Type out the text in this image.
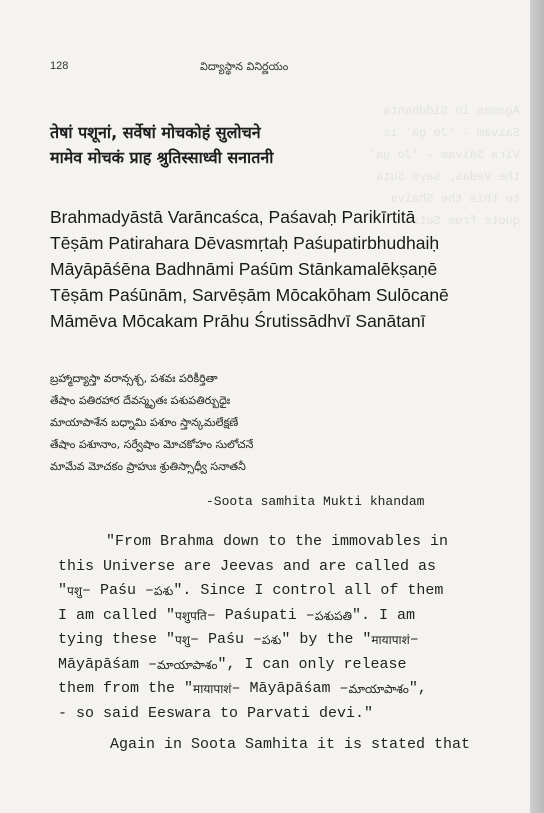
Agamas in Siddhanta
Saivam - 'Jo ga' is
Vira Saivam - 'Jo ga'
the Vedas, says Suta
to this the Shaiva
quote from Suta
128	విద్యాస్థాన వినిర్ణయం
तेषां पशूनां, सर्वेषां मोचकोहं सुलोचने
मामेव मोचकं प्राह श्रुतिस्साध्वी सनातनी
Brahmadyāstā Varāncaśca, Paśavaḥ Parikīrtitā
Tēṣām Patirahara Dēvasmṛtaḥ Paśupatirbhudhaiḥ
Māyāpāśēna Badhnāmi Paśūm Stānkamalēkṣaṇē
Tēṣām Paśūnām, Sarvēṣām Mōcakōham Sulōcanē
Māmēva Mōcakam Prāhu Śrutissādhvī Sanātanī
బ్రహ్మాద్యాస్తా వరాన్సశ్చ, పశవః పరికీర్తితా
తేషాం పతిరహార దేవస్మృతః పశుపతిర్బుధైః
మాయాపాశేన బధ్నామి పశూం స్తాన్కమలేక్షణే
తేషాం పశూనాం, సర్వేషాం మోచకోహం సులోచనే
మామేవ మోచకం ప్రాహుః శ్రుతిస్సాధ్వీ సనాతనీ
-Soota samhita Mukti khandam
"From Brahma down to the immovables in
this Universe are Jeevas and are called as
" पशु – Paśu – పశు ". Since I control all of them
I am called " पशुपति – Paśupati – పశుపతి ". I am
tying these " पशु – Paśu – పశు " by the " मायापाशं –
Māyāpāśam – మాయాపాశం ", I can only release
them from the " मायापाशं – Māyāpāśam – మాయాపాశం ",
- so said Eeswara to Parvati devi."
Again in Soota Samhita it is stated that
